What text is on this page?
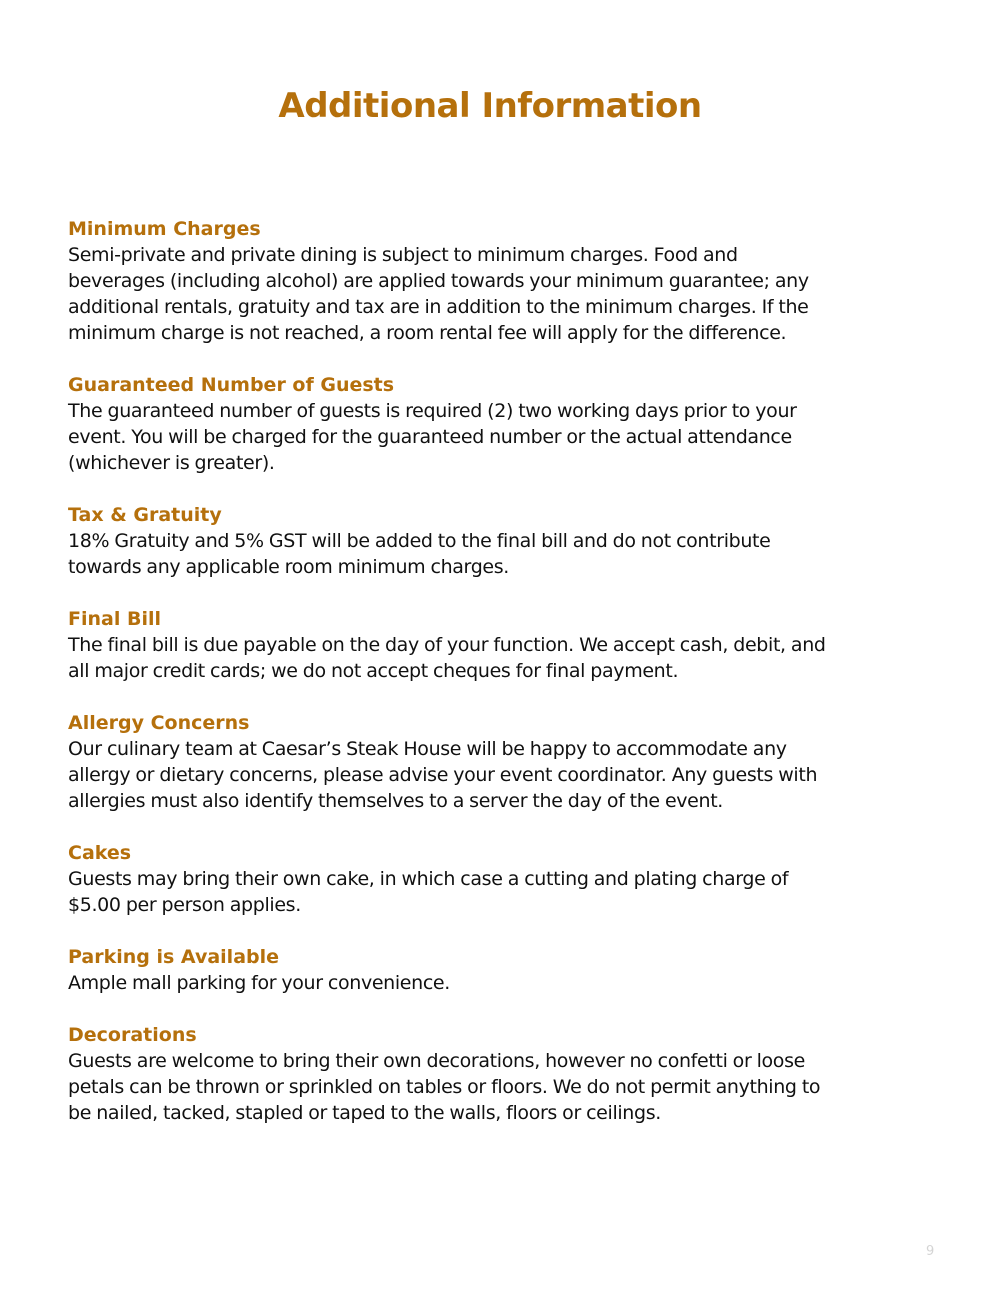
Additional Information

Minimum Charges

Semi-private and private dining is subject to minimum charges. Food and
beverages (including alcohol) are applied towards your minimum guarantee; any
additional rentals, gratuity and tax are in addition to the minimum charges. If the
minimum charge is not reached, a room rental fee will apply for the difference.

Guaranteed Number of Guests

The guaranteed number of guests is required (2) two working days prior to your
event. You will be charged for the guaranteed number or the actual attendance
(whichever is greater).

Tax & Gratuity

18% Gratuity and 5% GST will be added to the final bill and do not contribute
towards any applicable room minimum charges.

Final Bill

The final bill is due payable on the day of your function. We accept cash, debit, and
all major credit cards; we do not accept cheques for final payment.

Allergy Concerns

Our culinary team at Caesar’s Steak House will be happy to accommodate any
allergy or dietary concerns, please advise your event coordinator. Any guests with
allergies must also identify themselves to a server the day of the event.

Cakes

Guests may bring their own cake, in which case a cutting and plating charge of
$5.00 per person applies.

Parking is Available

Ample mall parking for your convenience.

Decorations

Guests are welcome to bring their own decorations, however no confetti or loose
petals can be thrown or sprinkled on tables or floors. We do not permit anything to
be nailed, tacked, stapled or taped to the walls, floors or ceilings.

9
